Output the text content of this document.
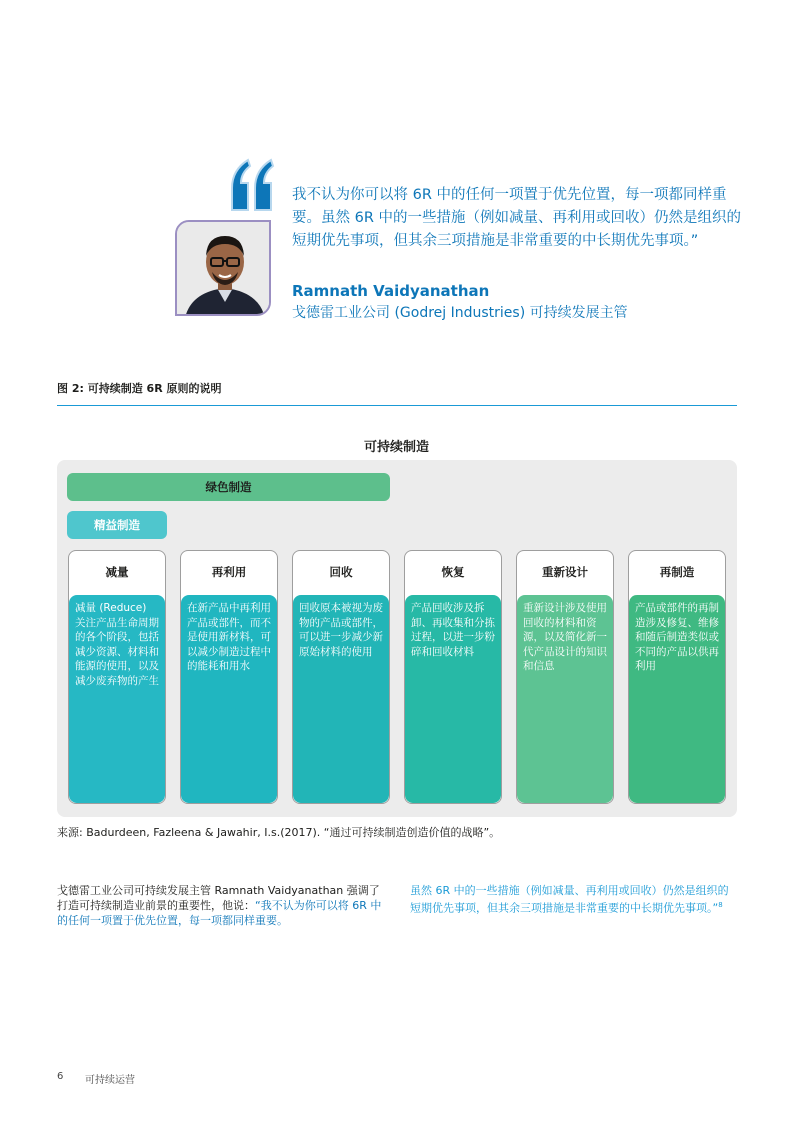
我不认为你可以将 6R 中的任何一项置于优先位置，每一项都同样重要。虽然 6R 中的一些措施（例如减量、再利用或回收）仍然是组织的短期优先事项，但其余三项措施是非常重要的中长期优先事项。”
Ramnath Vaidyanathan
戈德雷工业公司 (Godrej Industries) 可持续发展主管
图 2: 可持续制造 6R 原则的说明
可持续制造
绿色制造
精益制造
减量
减量 (Reduce) 关注产品生命周期的各个阶段，包括减少资源、材料和能源的使用，以及减少废弃物的产生
再利用
在新产品中再利用产品或部件，而不是使用新材料，可以减少制造过程中的能耗和用水
回收
回收原本被视为废物的产品或部件，可以进一步减少新原始材料的使用
恢复
产品回收涉及拆卸、再收集和分拣过程，以进一步粉碎和回收材料
重新设计
重新设计涉及使用回收的材料和资源，以及简化新一代产品设计的知识和信息
再制造
产品或部件的再制造涉及修复、维修和随后制造类似或不同的产品以供再利用
来源: Badurdeen, Fazleena & Jawahir, I.s.(2017). “通过可持续制造创造价值的战略”。
戈德雷工业公司可持续发展主管 Ramnath Vaidyanathan 强调了打造可持续制造业前景的重要性，他说：“我不认为你可以将 6R 中的任何一项置于优先位置，每一项都同样重要。
虽然 6R 中的一些措施（例如减量、再利用或回收）仍然是组织的短期优先事项，但其余三项措施是非常重要的中长期优先事项。”$^8$
6 可持续运营
